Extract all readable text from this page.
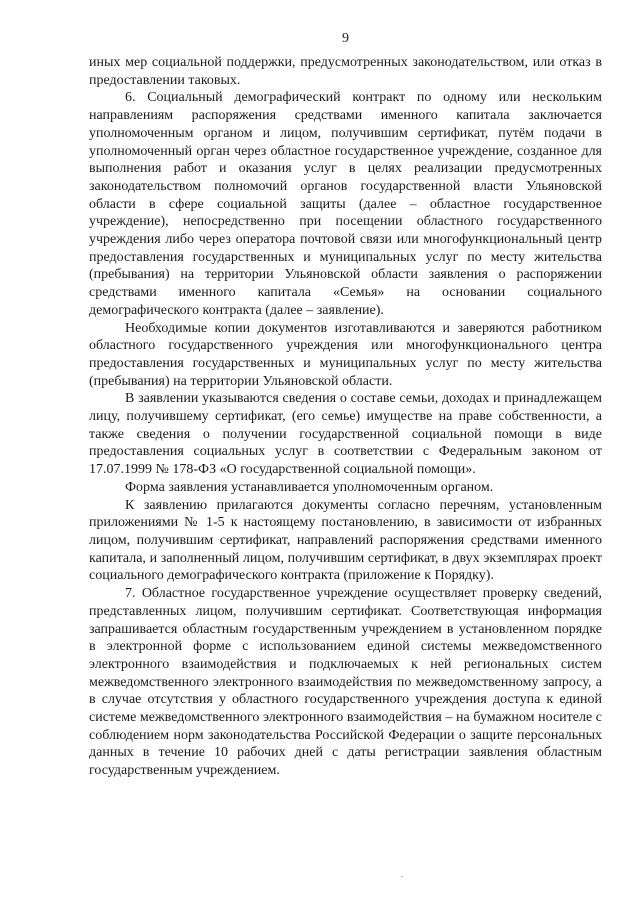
9

иных мер социальной поддержки, предусмотренных законодательством, или отказ в предоставлении таковых.

6. Социальный демографический контракт по одному или нескольким направлениям распоряжения средствами именного капитала заключается уполномоченным органом и лицом, получившим сертификат, путём подачи в уполномоченный орган через областное государственное учреждение, созданное для выполнения работ и оказания услуг в целях реализации предусмотренных законодательством полномочий органов государственной власти Ульяновской области в сфере социальной защиты (далее – областное государственное учреждение), непосредственно при посещении областного государственного учреждения либо через оператора почтовой связи или многофункциональный центр предоставления государственных и муниципальных услуг по месту жительства (пребывания) на территории Ульяновской области заявления о распоряжении средствами именного капитала «Семья» на основании социального демографического контракта (далее – заявление).

Необходимые копии документов изготавливаются и заверяются работником областного государственного учреждения или многофункционального центра предоставления государственных и муниципальных услуг по месту жительства (пребывания) на территории Ульяновской области.

В заявлении указываются сведения о составе семьи, доходах и принадлежащем лицу, получившему сертификат, (его семье) имуществе на праве собственности, а также сведения о получении государственной социальной помощи в виде предоставления социальных услуг в соответствии с Федеральным законом от 17.07.1999 № 178-ФЗ «О государственной социальной помощи».

Форма заявления устанавливается уполномоченным органом.

К заявлению прилагаются документы согласно перечням, установленным приложениями № 1-5 к настоящему постановлению, в зависимости от избранных лицом, получившим сертификат, направлений распоряжения средствами именного капитала, и заполненный лицом, получившим сертификат, в двух экземплярах проект социального демографического контракта (приложение к Порядку).

7. Областное государственное учреждение осуществляет проверку сведений, представленных лицом, получившим сертификат. Соответствующая информация запрашивается областным государственным учреждением в установленном порядке в электронной форме с использованием единой системы межведомственного электронного взаимодействия и подключаемых к ней региональных систем межведомственного электронного взаимодействия по межведомственному запросу, а в случае отсутствия у областного государственного учреждения доступа к единой системе межведомственного электронного взаимодействия – на бумажном носителе с соблюдением норм законодательства Российской Федерации о защите персональных данных в течение 10 рабочих дней с даты регистрации заявления областным государственным учреждением.
